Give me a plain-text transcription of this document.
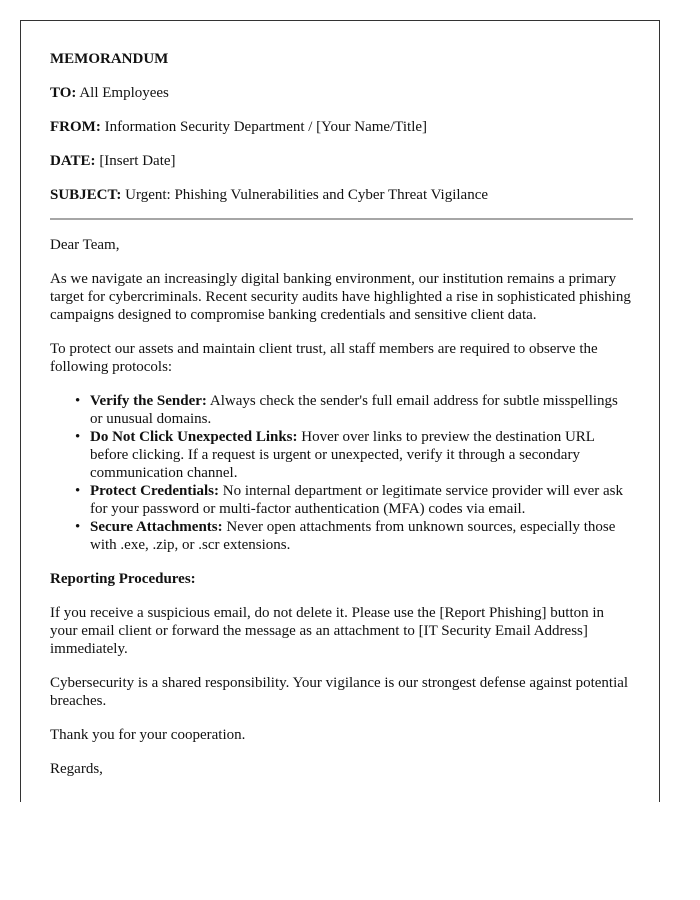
MEMORANDUM
TO: All Employees
FROM: Information Security Department / [Your Name/Title]
DATE: [Insert Date]
SUBJECT: Urgent: Phishing Vulnerabilities and Cyber Threat Vigilance

Dear Team,

As we navigate an increasingly digital banking environment, our institution remains a primary target for cybercriminals. Recent security audits have highlighted a rise in sophisticated phishing campaigns designed to compromise banking credentials and sensitive client data.

To protect our assets and maintain client trust, all staff members are required to observe the following protocols:

• Verify the Sender: Always check the sender's full email address for subtle misspellings or unusual domains.
• Do Not Click Unexpected Links: Hover over links to preview the destination URL before clicking. If a request is urgent or unexpected, verify it through a secondary communication channel.
• Protect Credentials: No internal department or legitimate service provider will ever ask for your password or multi-factor authentication (MFA) codes via email.
• Secure Attachments: Never open attachments from unknown sources, especially those with .exe, .zip, or .scr extensions.
Reporting Procedures:

If you receive a suspicious email, do not delete it. Please use the [Report Phishing] button in your email client or forward the message as an attachment to [IT Security Email Address] immediately.

Cybersecurity is a shared responsibility. Your vigilance is our strongest defense against potential breaches.

Thank you for your cooperation.

Regards,
